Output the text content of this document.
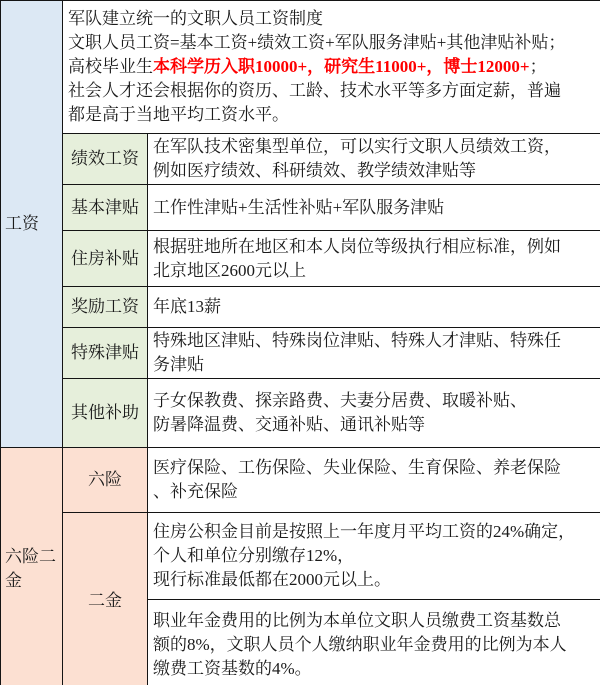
工资	军队建立统一的文职人员工资制度
文职人员工资=基本工资+绩效工资+军队服务津贴+其他津贴补贴；
高校毕业生本科学历入职10000+，研究生11000+，博士12000+；
社会人才还会根据你的资历、工龄、技术水平等多方面定薪，普遍
都是高于当地平均工资水平。	

	绩效工资	在军队技术密集型单位，可以实行文职人员绩效工资，
例如医疗绩效、科研绩效、教学绩效津贴等
	基本津贴	工作性津贴+生活性补贴+军队服务津贴
	住房补贴	根据驻地所在地区和本人岗位等级执行相应标准，例如
北京地区2600元以上
	奖励工资	年底13薪
	特殊津贴	特殊地区津贴、特殊岗位津贴、特殊人才津贴、特殊任
务津贴
	其他补助	子女保教费、探亲路费、夫妻分居费、取暖补贴、
防暑降温费、交通补贴、通讯补贴等
六险二金	六险	医疗保险、工伤保险、失业保险、生育保险、养老保险
、补充保险
	二金	住房公积金目前是按照上一年度月平均工资的24%确定，
个人和单位分别缴存12%，
现行标准最低都在2000元以上。
		职业年金费用的比例为本单位文职人员缴费工资基数总
额的8%，文职人员个人缴纳职业年金费用的比例为本人
缴费工资基数的4%。
